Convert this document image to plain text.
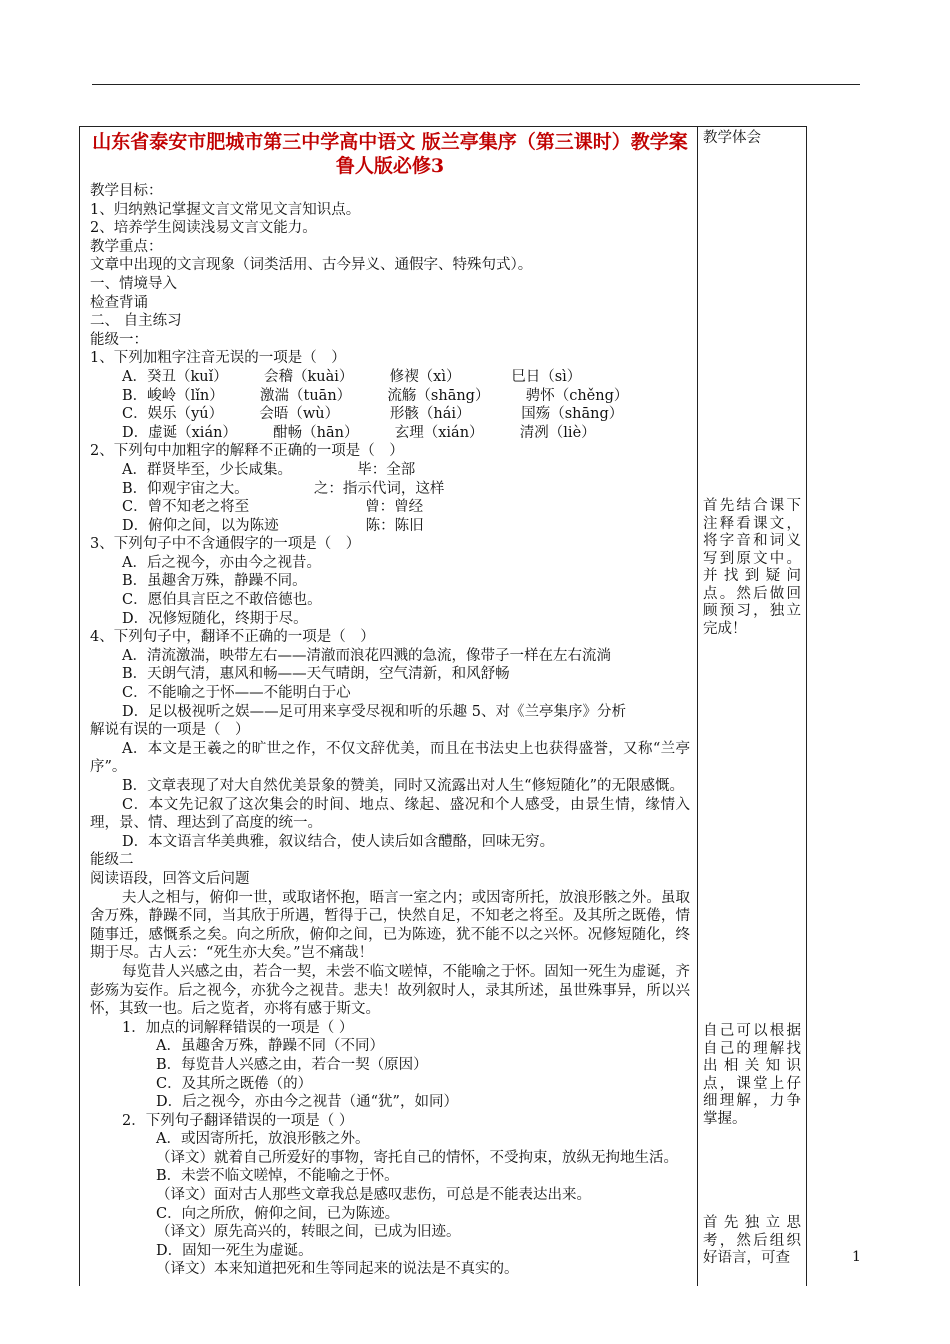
山东省泰安市肥城市第三中学高中语文 版兰亭集序（第三课时）教学案 鲁人版必修3
教学目标：
1、归纳熟记掌握文言文常见文言知识点。
2、培养学生阅读浅易文言文能力。
教学重点：
文章中出现的文言现象（词类活用、古今异义、通假字、特殊句式）。
一、情境导入
检查背诵
二、 自主练习
能级一：
1、下列加粗字注音无误的一项是（　）
A．癸丑（kuǐ）　　　会稽（kuài）　　　修禊（xì）　　　　巳日（sì）
B．峻岭（lǐn）　　　激湍（tuān）　　　流觞（shāng）　　　骋怀（chěng）
C．娱乐（yú）　　　会晤（wù）　　　　形骸（hái）　　　　国殇（shāng）
D．虚诞（xián）　　　酣畅（hān）　　　玄理（xián）　　　清冽（liè）
2、下列句中加粗字的解释不正确的一项是（　）
A．群贤毕至，少长咸集。　　　　　毕：全部
B．仰观宇宙之大。　　　　　之：指示代词，这样
C．曾不知老之将至　　　　　　　　曾：曾经
D．俯仰之间，以为陈迹　　　　　　陈：陈旧
3、下列句子中不含通假字的一项是（　）
A．后之视今，亦由今之视昔。
B．虽趣舍万殊，静躁不同。
C．愿伯具言臣之不敢倍德也。
D．况修短随化，终期于尽。
4、下列句子中，翻译不正确的一项是（　）
A．清流激湍，映带左右——清澈而浪花四溅的急流，像带子一样在左右流淌
B．天朗气清，惠风和畅——天气晴朗，空气清新，和风舒畅
C．不能喻之于怀——不能明白于心
D．足以极视听之娱——足可用来享受尽视和听的乐趣 5、对《兰亭集序》分析
解说有误的一项是（　）
A．本文是王羲之的旷世之作，不仅文辞优美，而且在书法史上也获得盛誉，又称“兰亭序”。
B．文章表现了对大自然优美景象的赞美，同时又流露出对人生“修短随化”的无限感慨。
C．本文先记叙了这次集会的时间、地点、缘起、盛况和个人感受，由景生情，缘情入理，景、情、理达到了高度的统一。
D．本文语言华美典雅，叙议结合，使人读后如含醴酪，回味无穷。
能级二
阅读语段，回答文后问题
夫人之相与，俯仰一世，或取诸怀抱，晤言一室之内；或因寄所托，放浪形骸之外。虽取舍万殊，静躁不同，当其欣于所遇，暂得于己，快然自足，不知老之将至。及其所之既倦，情随事迁，感慨系之矣。向之所欣，俯仰之间，已为陈迹，犹不能不以之兴怀。况修短随化，终期于尽。古人云：“死生亦大矣。”岂不痛哉！
每览昔人兴感之由，若合一契，未尝不临文嗟悼，不能喻之于怀。固知一死生为虚诞，齐彭殇为妄作。后之视今，亦犹今之视昔。悲夫！故列叙时人，录其所述，虽世殊事异，所以兴怀，其致一也。后之览者，亦将有感于斯文。
1．加点的词解释错误的一项是（ ）
A．虽趣舍万殊，静躁不同（不同）
B．每览昔人兴感之由，若合一契（原因）
C．及其所之既倦（的）
D．后之视今，亦由今之视昔（通“犹”，如同）
2．下列句子翻译错误的一项是（ ）
A．或因寄所托，放浪形骸之外。
（译文）就着自己所爱好的事物，寄托自己的情怀，不受拘束，放纵无拘地生活。
B．未尝不临文嗟悼，不能喻之于怀。
（译文）面对古人那些文章我总是感叹悲伤，可总是不能表达出来。
C．向之所欣，俯仰之间，已为陈迹。
（译文）原先高兴的，转眼之间，已成为旧迹。
D．固知一死生为虚诞。
（译文）本来知道把死和生等同起来的说法是不真实的。
教学体会
首先结合课下注释看课文，将字音和词义写到原文中。并找到疑问点。然后做回顾预习，独立完成！
自己可以根据自己的理解找出相关知识点，课堂上仔细理解，力争掌握。
首先独立思考，然后组织好语言，可查	1
